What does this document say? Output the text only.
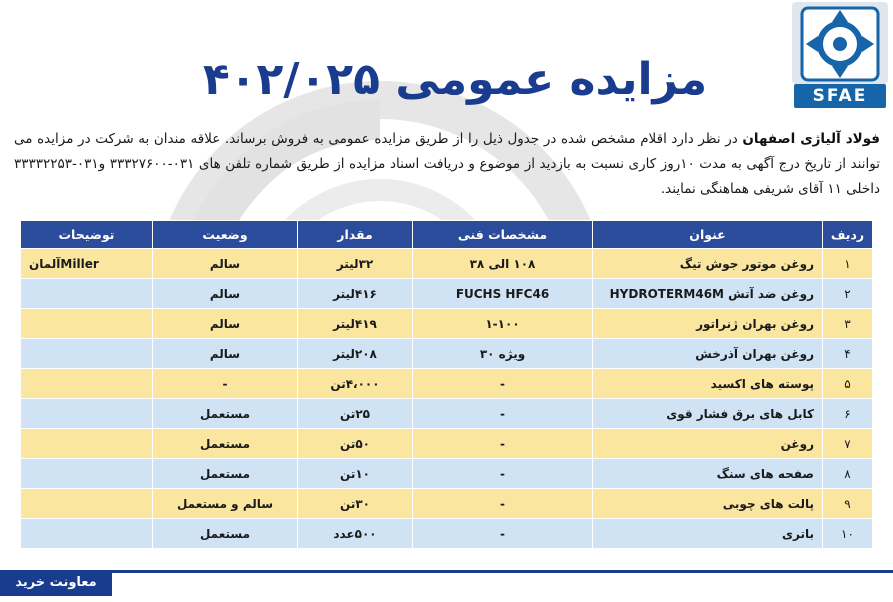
SFAE
مزایده عمومی ۴۰۲/۰۲۵
فولاد آلیاژی اصفهان در نظر دارد اقلام مشخص شده در جدول ذیل را از طریق مزایده عمومی به فروش برساند. علاقه مندان به شرکت در مزایده می توانند از تاریخ درج آگهی به مدت ۱۰روز کاری نسبت به بازدید از موضوع و دریافت اسناد مزایده از طریق شماره تلفن های ۰۳۱-۳۳۳۲۷۶۰۰ و۰۳۱-۳۳۳۳۲۲۵۳ داخلی ۱۱ آقای شریفی هماهنگی نمایند.
ردیف	عنوان	مشخصات فنی	مقدار	وضعیت	توضیحات
۱	روغن موتور جوش تیگ	۱۰۸ الی ۳۸	۳۲لیتر	سالم	Millerآلمان
۲	روغن ضد آتش HYDROTERM46M	FUCHS HFC46	۴۱۶لیتر	سالم	
۳	روغن بهران ژنراتور	۱-۱۰۰	۴۱۹لیتر	سالم	
۴	روغن بهران آذرخش	ویژه ۳۰	۲۰۸لیتر	سالم	
۵	پوسته های اکسید	-	۴،۰۰۰تن	-	
۶	کابل های برق فشار قوی	-	۲۵تن	مستعمل	
۷	روغن	-	۵۰تن	مستعمل	
۸	صفحه های سنگ	-	۱۰تن	مستعمل	
۹	پالت های چوبی	-	۳۰تن	سالم و مستعمل	
۱۰	باتری	-	۵۰۰عدد	مستعمل	
معاونت خرید
